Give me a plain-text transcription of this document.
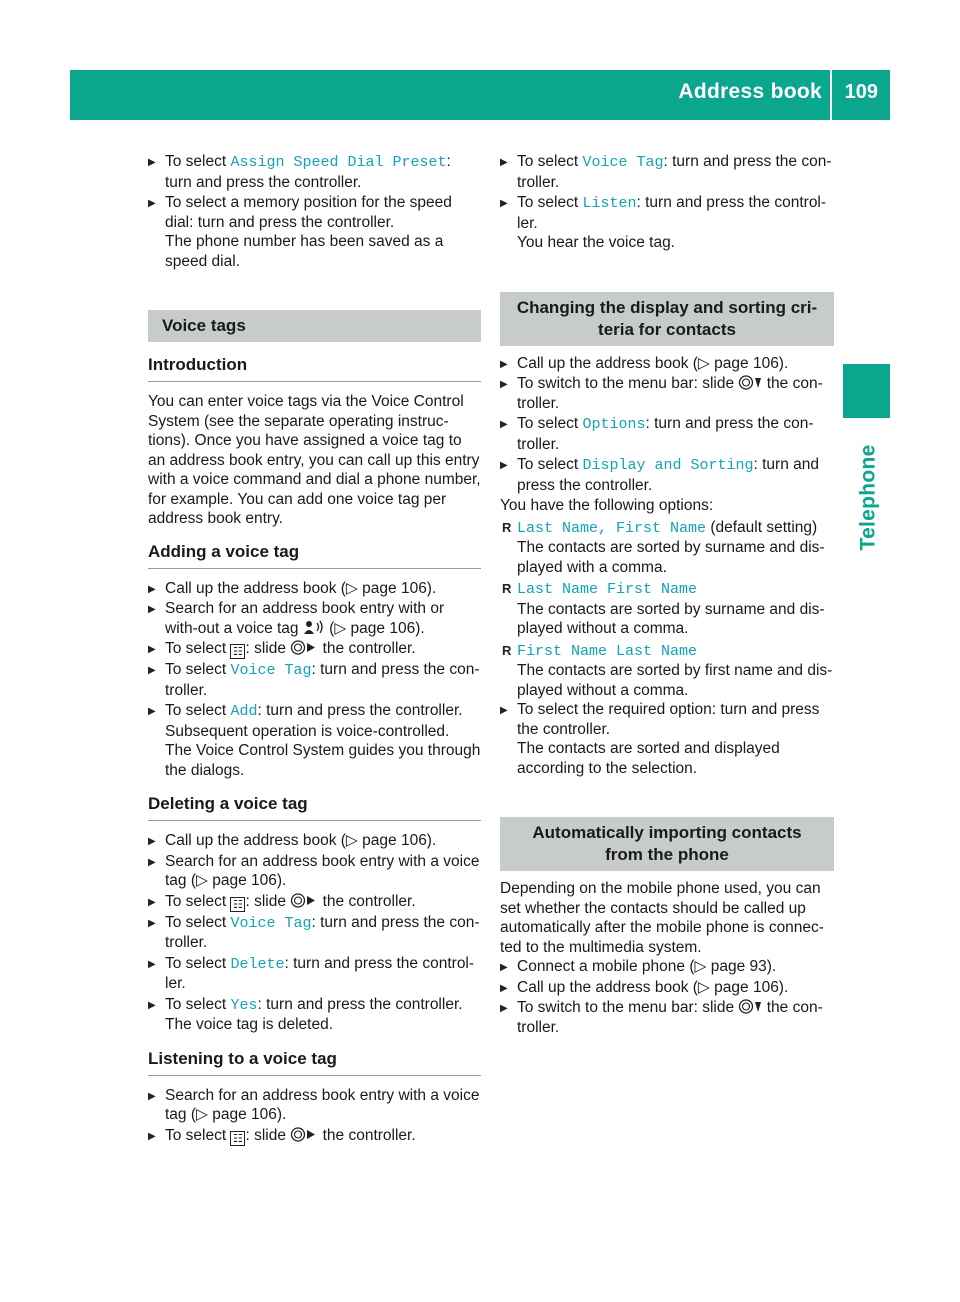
Address book 109
Telephone
▶ To select Assign Speed Dial Preset: turn and press the controller.
▶ To select a memory position for the speed dial: turn and press the controller.
The phone number has been saved as a speed dial.
Voice tags
Introduction

You can enter voice tags via the Voice Control System (see the separate operating instruc-tions). Once you have assigned a voice tag to an address book entry, you can call up this entry with a voice command and dial a phone number, for example. You can add one voice tag per address book entry.

Adding a voice tag
▶ Call up the address book (▷ page 106).
▶ Search for an address book entry with or with-out a voice tag  (▷ page 106).
▶ To select ☷ : slide  the controller.
▶ To select Voice Tag: turn and press the con-troller.
▶ To select Add: turn and press the controller.
Subsequent operation is voice-controlled.
The Voice Control System guides you through the dialogs.
Deleting a voice tag
▶ Call up the address book (▷ page 106).
▶ Search for an address book entry with a voice tag (▷ page 106).
▶ To select ☷ : slide  the controller.
▶ To select Voice Tag: turn and press the con-troller.
▶ To select Delete: turn and press the control-ler.
▶ To select Yes: turn and press the controller.
The voice tag is deleted.
Listening to a voice tag
▶ Search for an address book entry with a voice tag (▷ page 106).
▶ To select ☷ : slide  the controller.
▶ To select Voice Tag: turn and press the con-troller.
▶ To select Listen: turn and press the control-ler.
You hear the voice tag.
Changing the display and sorting cri-teria for contacts
▶ Call up the address book (▷ page 106).
▶ To switch to the menu bar: slide  the con-troller.
▶ To select Options: turn and press the con-troller.
▶ To select Display and Sorting: turn and press the controller.

You have the following options:

R Last Name, First Name (default setting)
The contacts are sorted by surname and dis-played with a comma.
R Last Name First Name
The contacts are sorted by surname and dis-played without a comma.
R First Name Last Name
The contacts are sorted by first name and dis-played without a comma.
▶ To select the required option: turn and press the controller.
The contacts are sorted and displayed according to the selection.
Automatically importing contacts from the phone

Depending on the mobile phone used, you can set whether the contacts should be called up automatically after the mobile phone is connec-ted to the multimedia system.

▶ Connect a mobile phone (▷ page 93).
▶ Call up the address book (▷ page 106).
▶ To switch to the menu bar: slide  the con-troller.
